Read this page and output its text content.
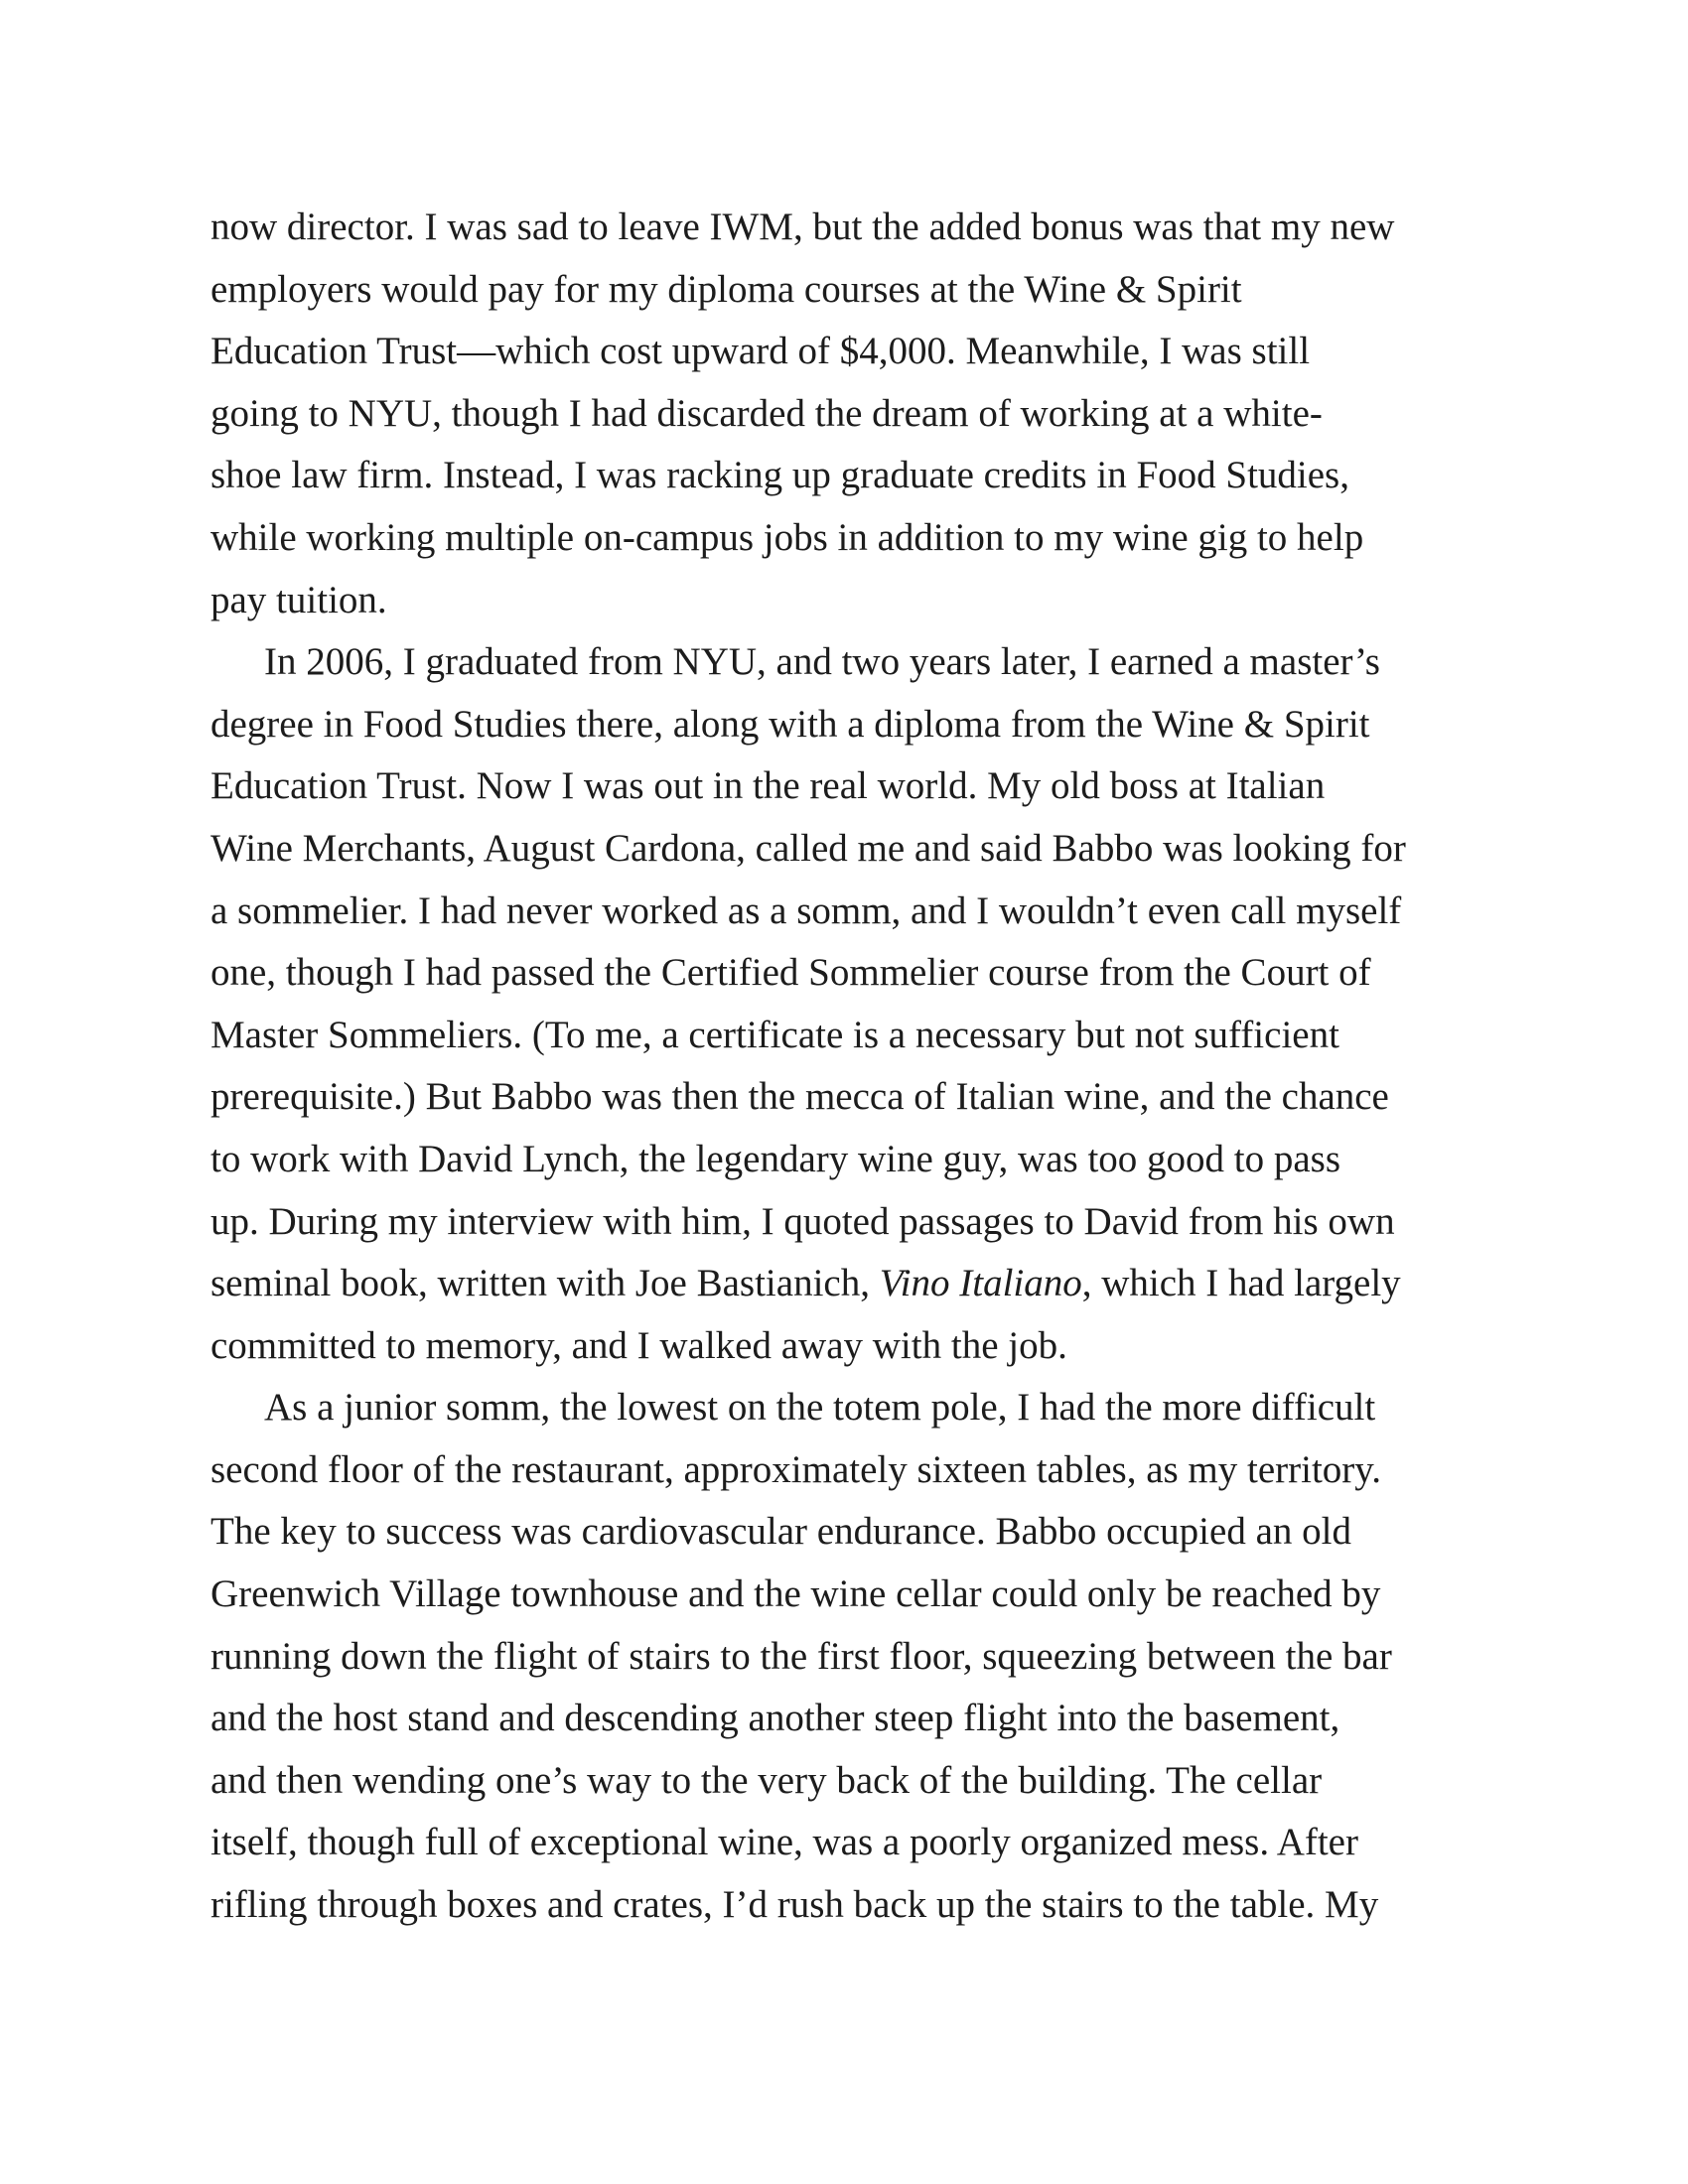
now director. I was sad to leave IWM, but the added bonus was that my new
employers would pay for my diploma courses at the Wine & Spirit
Education Trust—which cost upward of $4,000. Meanwhile, I was still
going to NYU, though I had discarded the dream of working at a white-
shoe law firm. Instead, I was racking up graduate credits in Food Studies,
while working multiple on-campus jobs in addition to my wine gig to help
pay tuition.
In 2006, I graduated from NYU, and two years later, I earned a master’s
degree in Food Studies there, along with a diploma from the Wine & Spirit
Education Trust. Now I was out in the real world. My old boss at Italian
Wine Merchants, August Cardona, called me and said Babbo was looking for
a sommelier. I had never worked as a somm, and I wouldn’t even call myself
one, though I had passed the Certified Sommelier course from the Court of
Master Sommeliers. (To me, a certificate is a necessary but not sufficient
prerequisite.) But Babbo was then the mecca of Italian wine, and the chance
to work with David Lynch, the legendary wine guy, was too good to pass
up. During my interview with him, I quoted passages to David from his own
seminal book, written with Joe Bastianich, Vino Italiano, which I had largely
committed to memory, and I walked away with the job.
As a junior somm, the lowest on the totem pole, I had the more difficult
second floor of the restaurant, approximately sixteen tables, as my territory.
The key to success was cardiovascular endurance. Babbo occupied an old
Greenwich Village townhouse and the wine cellar could only be reached by
running down the flight of stairs to the first floor, squeezing between the bar
and the host stand and descending another steep flight into the basement,
and then wending one’s way to the very back of the building. The cellar
itself, though full of exceptional wine, was a poorly organized mess. After
rifling through boxes and crates, I’d rush back up the stairs to the table. My
